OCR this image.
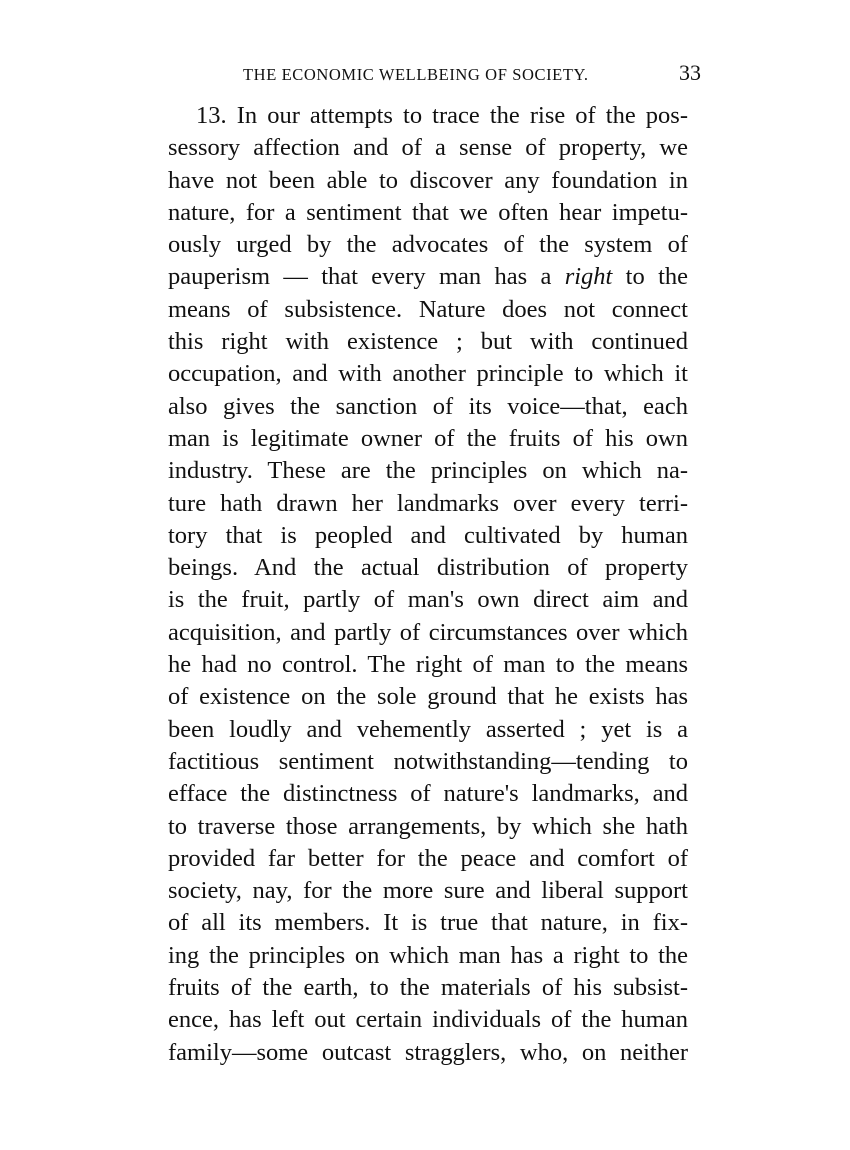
THE ECONOMIC WELLBEING OF SOCIETY.	33
13. In our attempts to trace the rise of the pos-
sessory affection and of a sense of property, we
have not been able to discover any foundation in
nature, for a sentiment that we often hear impetu-
ously urged by the advocates of the system of
pauperism — that every man has a right to the
means of subsistence. Nature does not connect
this right with existence ; but with continued
occupation, and with another principle to which it
also gives the sanction of its voice—that, each
man is legitimate owner of the fruits of his own
industry. These are the principles on which na-
ture hath drawn her landmarks over every terri-
tory that is peopled and cultivated by human
beings. And the actual distribution of property
is the fruit, partly of man's own direct aim and
acquisition, and partly of circumstances over which
he had no control. The right of man to the means
of existence on the sole ground that he exists has
been loudly and vehemently asserted ; yet is a
factitious sentiment notwithstanding—tending to
efface the distinctness of nature's landmarks, and
to traverse those arrangements, by which she hath
provided far better for the peace and comfort of
society, nay, for the more sure and liberal support
of all its members. It is true that nature, in fix-
ing the principles on which man has a right to the
fruits of the earth, to the materials of his subsist-
ence, has left out certain individuals of the human
family—some outcast stragglers, who, on neither
